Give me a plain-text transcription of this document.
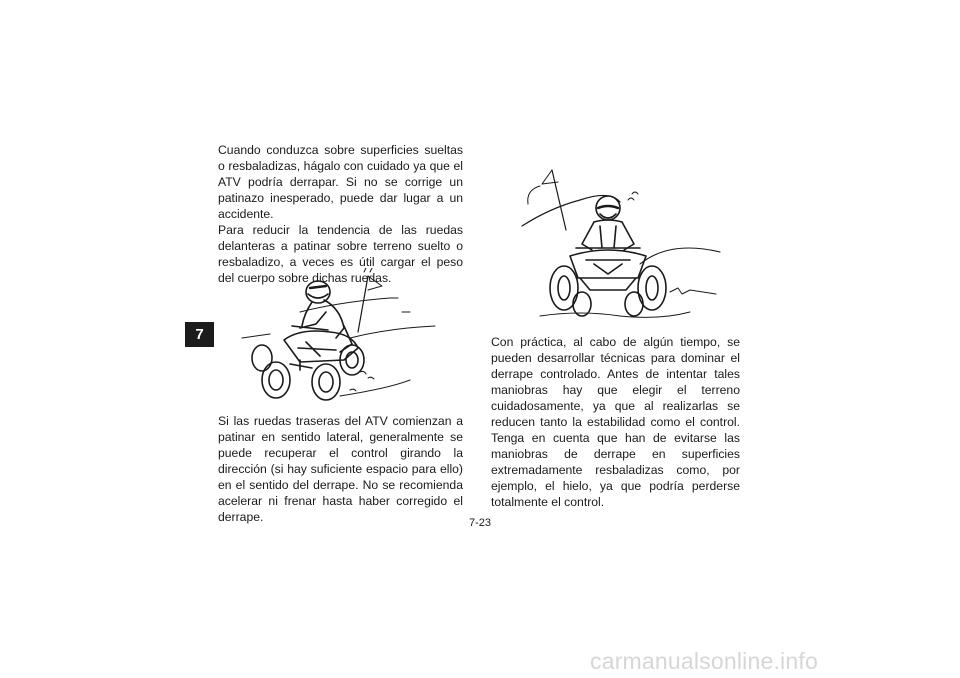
7

Cuando conduzca sobre superficies sueltas o resbaladizas, hágalo con cuidado ya que el ATV podría derrapar. Si no se corrige un patinazo inesperado, puede dar lugar a un accidente.

Para reducir la tendencia de las ruedas delanteras a patinar sobre terreno suelto o resbaladizo, a veces es útil cargar el peso del cuerpo sobre dichas ruedas.

Si las ruedas traseras del ATV comienzan a patinar en sentido lateral, generalmente se puede recuperar el control girando la dirección (si hay suficiente espacio para ello) en el sentido del derrape. No se recomienda acelerar ni frenar hasta haber corregido el derrape.

Con práctica, al cabo de algún tiempo, se pueden desarrollar técnicas para dominar el derrape controlado. Antes de intentar tales maniobras hay que elegir el terreno cuidadosamente, ya que al realizarlas se reducen tanto la estabilidad como el control. Tenga en cuenta que han de evitarse las maniobras de derrape en superficies extremadamente resbaladizas como, por ejemplo, el hielo, ya que podría perderse totalmente el control.

7-23
carmanualsonline.info
